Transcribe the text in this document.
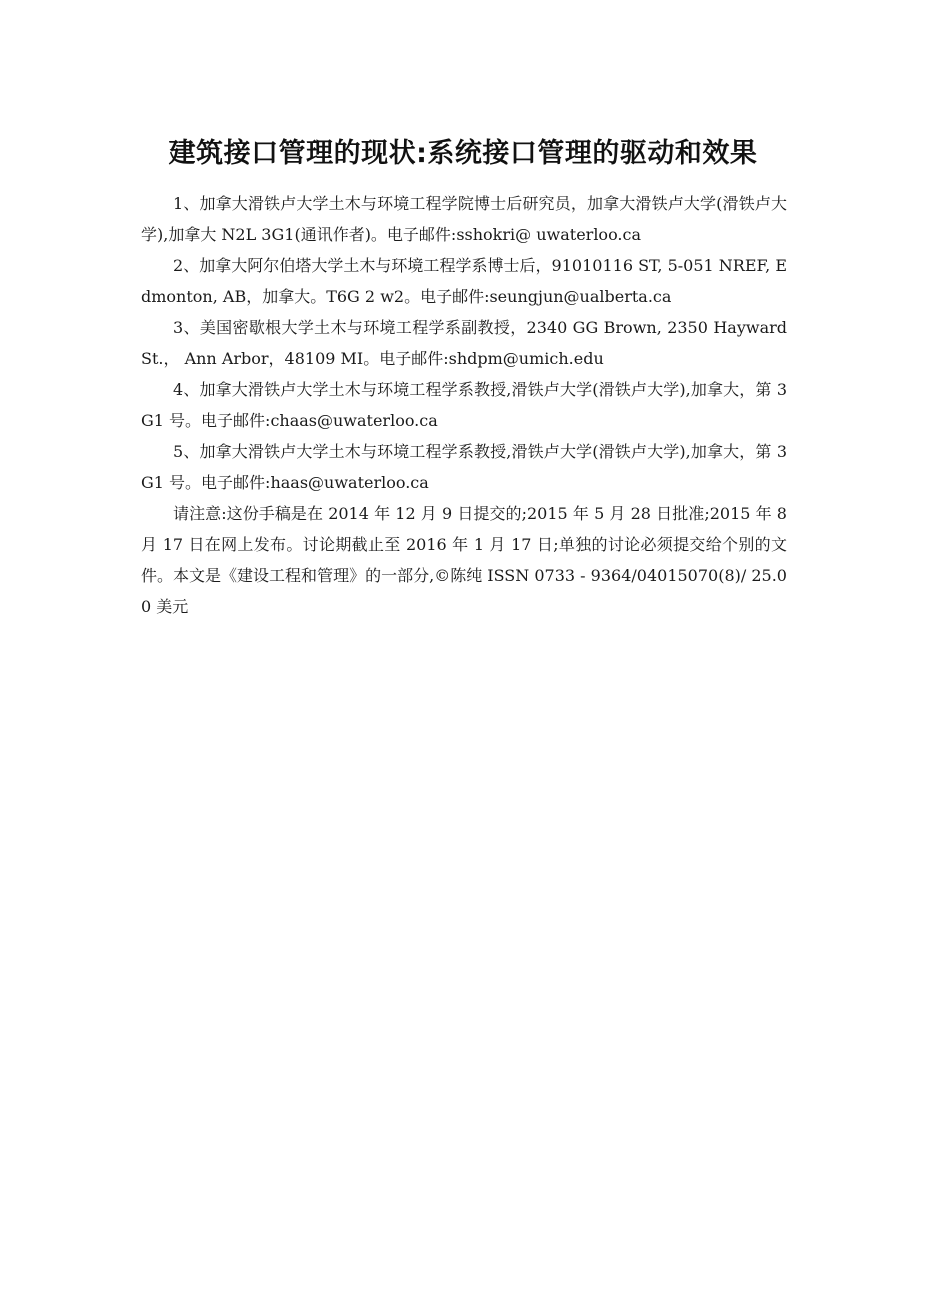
建筑接口管理的现状:系统接口管理的驱动和效果

1、加拿大滑铁卢大学土木与环境工程学院博士后研究员，加拿大滑铁卢大学(滑铁卢大学),加拿大 N2L 3G1(通讯作者)。电子邮件:sshokri@ uwaterloo.ca

2、加拿大阿尔伯塔大学土木与环境工程学系博士后，91010116 ST, 5-051 NREF, Edmonton, AB，加拿大。T6G 2 w2。电子邮件:seungjun@ualberta.ca

3、美国密歇根大学土木与环境工程学系副教授，2340 GG Brown, 2350 Hayward St.， Ann Arbor，48109 MI。电子邮件:shdpm@umich.edu

4、加拿大滑铁卢大学土木与环境工程学系教授,滑铁卢大学(滑铁卢大学),加拿大，第 3G1 号。电子邮件:chaas@uwaterloo.ca

5、加拿大滑铁卢大学土木与环境工程学系教授,滑铁卢大学(滑铁卢大学),加拿大，第 3G1 号。电子邮件:haas@uwaterloo.ca

请注意:这份手稿是在 2014 年 12 月 9 日提交的;2015 年 5 月 28 日批准;2015 年 8 月 17 日在网上发布。讨论期截止至 2016 年 1 月 17 日;单独的讨论必须提交给个别的文件。本文是《建设工程和管理》的一部分,©陈纯 ISSN 0733 - 9364/04015070(8)/ 25.00 美元
